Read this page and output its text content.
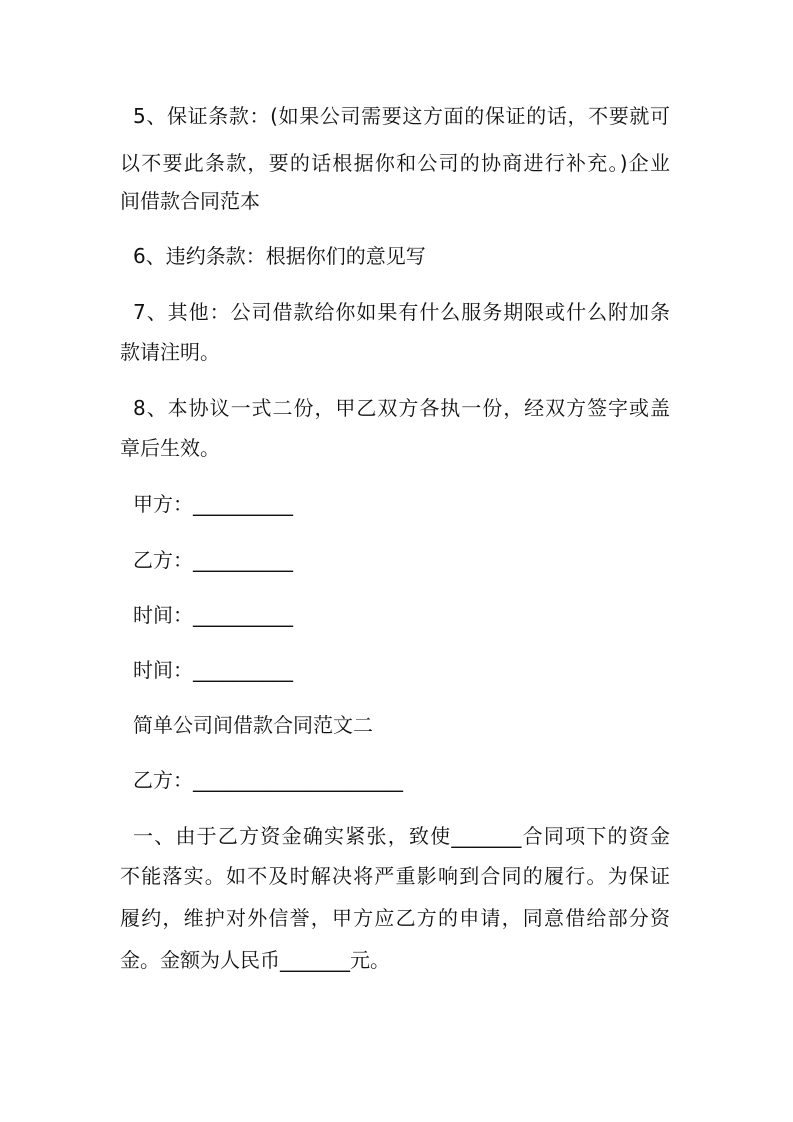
5、保证条款：(如果公司需要这方面的保证的话，不要就可
以不要此条款，要的话根据你和公司的协商进行补充。)企业
间借款合同范本
6、违约条款：根据你们的意见写
7、其他：公司借款给你如果有什么服务期限或什么附加条
款请注明。
8、本协议一式二份，甲乙双方各执一份，经双方签字或盖
章后生效。
甲方：__________
乙方：__________
时间：__________
时间：__________
简单公司间借款合同范文二
乙方：_____________________
一、由于乙方资金确实紧张，致使_______合同项下的资金
不能落实。如不及时解决将严重影响到合同的履行。为保证
履约，维护对外信誉，甲方应乙方的申请，同意借给部分资
金。金额为人民币_______元。
